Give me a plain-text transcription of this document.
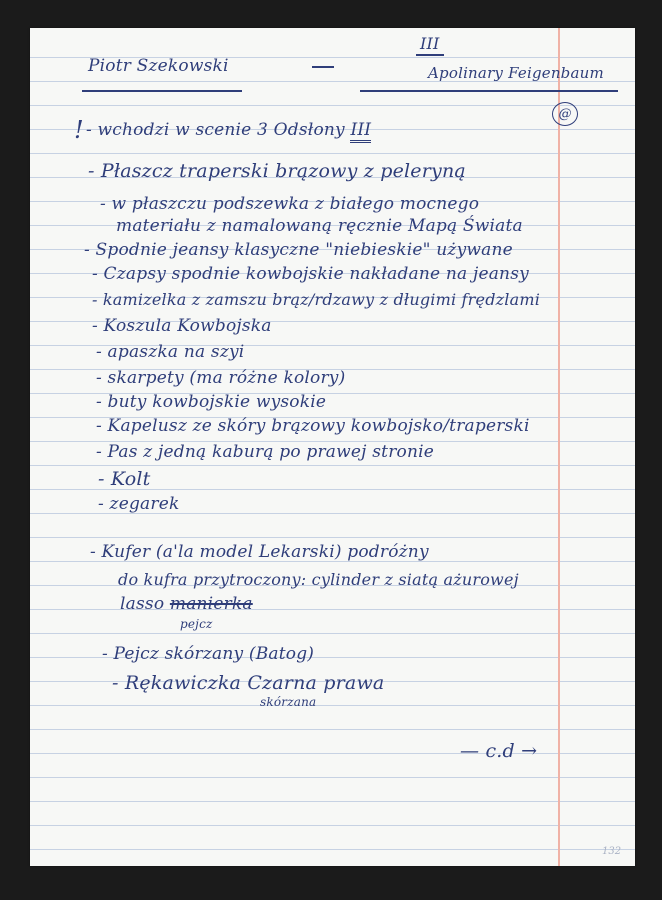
Piotr Szekowski
III
Apolinary Feigenbaum
@
! - wchodzi w scenie 3 Odsłony III
- Płaszcz traperski brązowy z peleryną
- w płaszczu podszewka z białego mocnego
materiału z namalowaną ręcznie Mapą Świata
- Spodnie jeansy klasyczne "niebieskie" używane
- Czapsy spodnie kowbojskie nakładane na jeansy
- kamizelka z zamszu brąz/rdzawy z długimi frędzlami
- Koszula Kowbojska
- apaszka na szyi
- skarpety (ma różne kolory)
- buty kowbojskie wysokie
- Kapelusz ze skóry brązowy kowbojsko/traperski
- Pas z jedną kaburą po prawej stronie
- Kolt
- zegarek
- Kufer (a'la model Lekarski) podróżny
do kufra przytroczony: cylinder z siatą ażurowej
lasso manierka
pejcz
- Pejcz skórzany (Batog)
- Rękawiczka Czarna prawa
skórzana
— c.d →
132
